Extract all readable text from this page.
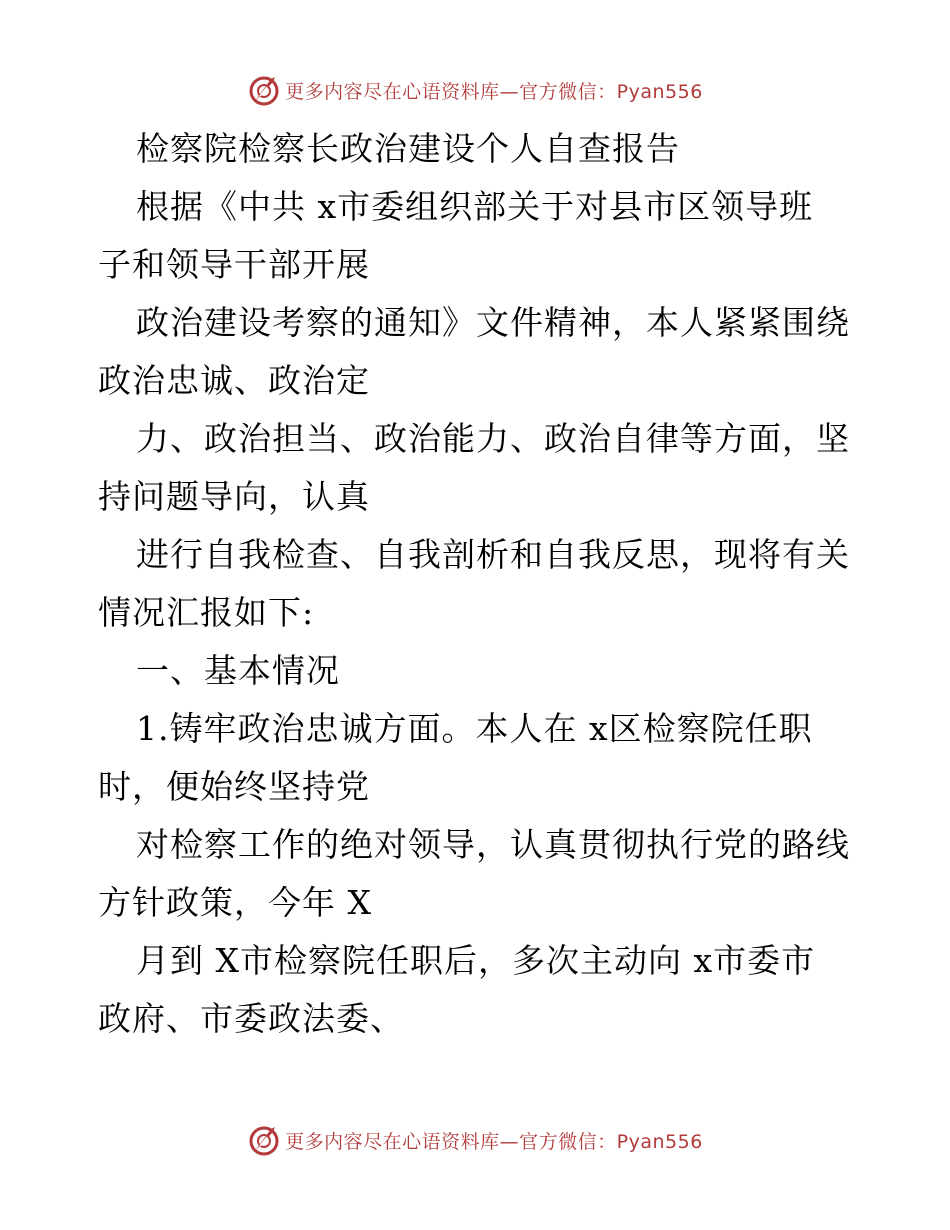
更多内容尽在心语资料库—官方微信：Pyan556
检察院检察长政治建设个人自查报告
根据《中共 x市委组织部关于对县市区领导班
子和领导干部开展
政治建设考察的通知》文件精神，本人紧紧围绕
政治忠诚、政治定
力、政治担当、政治能力、政治自律等方面，坚
持问题导向，认真
进行自我检查、自我剖析和自我反思，现将有关
情况汇报如下:
一、基本情况
1.铸牢政治忠诚方面。本人在 x区检察院任职
时，便始终坚持党
对检察工作的绝对领导，认真贯彻执行党的路线
方针政策，今年 X
月到 X市检察院任职后，多次主动向 x市委市
政府、市委政法委、
更多内容尽在心语资料库—官方微信：Pyan556
